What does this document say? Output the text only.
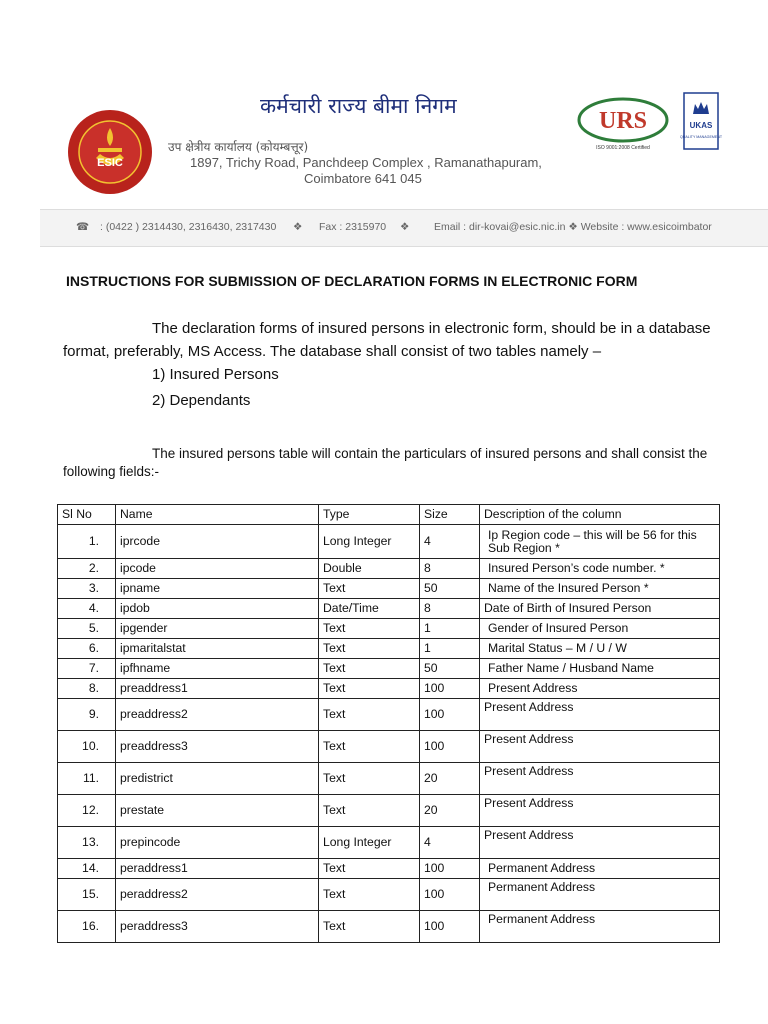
ESIC
कर्मचारी राज्य बीमा निगम
उप क्षेत्रीय कार्यालय (कोयम्बत्तूर)
1897, Trichy Road, Panchdeep Complex , Ramanathapuram,
Coimbatore 641 045
URS
ISO 9001:2008 Certified
UKAS
QUALITY MANAGEMENT
☎ : (0422 ) 2314430, 2316430, 2317430 ❖ Fax : 2315970 ❖ Email : dir-kovai@esic.nic.in ❖ Website : www.esicoimbator
INSTRUCTIONS FOR SUBMISSION OF DECLARATION FORMS IN ELECTRONIC FORM
The declaration forms of insured persons in electronic form, should be in a database
format, preferably, MS Access. The database shall consist of two tables namely –
1) Insured Persons
2) Dependants
The insured persons table will contain the particulars of insured persons and shall consist the
following fields:-
Sl No	Name	Type	Size	Description of the column
1.	iprcode	Long Integer	4	Ip Region code – this will be 56 for this Sub Region *
2.	ipcode	Double	8	Insured Person’s code number. *
3.	ipname	Text	50	Name of the Insured Person *
4.	ipdob	Date/Time	8	Date of Birth of Insured Person
5.	ipgender	Text	1	Gender of Insured Person
6.	ipmaritalstat	Text	1	Marital Status – M / U / W
7.	ipfhname	Text	50	Father Name / Husband Name
8.	preaddress1	Text	100	Present Address
9.	preaddress2	Text	100	Present Address
10.	preaddress3	Text	100	Present Address
11.	predistrict	Text	20	Present Address
12.	prestate	Text	20	Present Address
13.	prepincode	Long Integer	4	Present Address
14.	peraddress1	Text	100	Permanent Address
15.	peraddress2	Text	100	Permanent Address
16.	peraddress3	Text	100	Permanent Address
